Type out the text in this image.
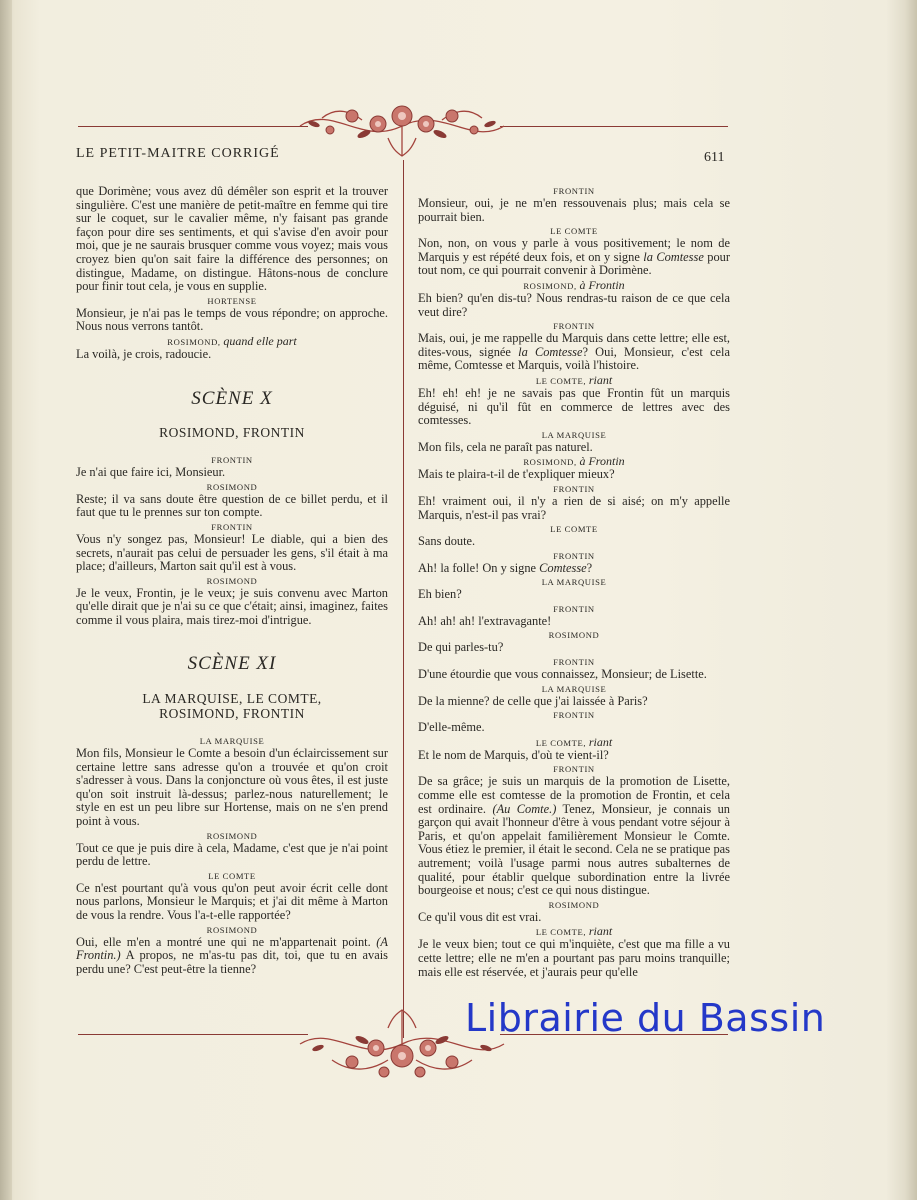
LE PETIT-MAITRE CORRIGÉ	611
que Dorimène; vous avez dû démêler son esprit et la trouver singulière. C'est une manière de petit-maître en femme qui tire sur le coquet, sur le cavalier même, n'y faisant pas grande façon pour dire ses sentiments, et qui s'avise d'en avoir pour moi, que je ne saurais brusquer comme vous voyez; mais vous croyez bien qu'on sait faire la différence des personnes; on distingue, Madame, on distingue. Hâtons-nous de conclure pour finir tout cela, je vous en supplie.
HORTENSE
Monsieur, je n'ai pas le temps de vous répondre; on approche. Nous nous verrons tantôt.
ROSIMOND, quand elle part
La voilà, je crois, radoucie.
SCÈNE X
ROSIMOND, FRONTIN
FRONTIN
Je n'ai que faire ici, Monsieur.
ROSIMOND
Reste; il va sans doute être question de ce billet perdu, et il faut que tu le prennes sur ton compte.
FRONTIN
Vous n'y songez pas, Monsieur! Le diable, qui a bien des secrets, n'aurait pas celui de persuader les gens, s'il était à ma place; d'ailleurs, Marton sait qu'il est à vous.
ROSIMOND
Je le veux, Frontin, je le veux; je suis convenu avec Marton qu'elle dirait que je n'ai su ce que c'était; ainsi, imaginez, faites comme il vous plaira, mais tirez-moi d'intrigue.
SCÈNE XI
LA MARQUISE, LE COMTE,
ROSIMOND, FRONTIN
LA MARQUISE
Mon fils, Monsieur le Comte a besoin d'un éclaircissement sur certaine lettre sans adresse qu'on a trouvée et qu'on croit s'adresser à vous. Dans la conjoncture où vous êtes, il est juste qu'on soit instruit là-dessus; parlez-nous naturellement; le style en est un peu libre sur Hortense, mais on ne s'en prend point à vous.
ROSIMOND
Tout ce que je puis dire à cela, Madame, c'est que je n'ai point perdu de lettre.
LE COMTE
Ce n'est pourtant qu'à vous qu'on peut avoir écrit celle dont nous parlons, Monsieur le Marquis; et j'ai dit même à Marton de vous la rendre. Vous l'a-t-elle rapportée?
ROSIMOND
Oui, elle m'en a montré une qui ne m'appartenait point. (A Frontin.) A propos, ne m'as-tu pas dit, toi, que tu en avais perdu une? C'est peut-être la tienne?
FRONTIN
Monsieur, oui, je ne m'en ressouvenais plus; mais cela se pourrait bien.
LE COMTE
Non, non, on vous y parle à vous positivement; le nom de Marquis y est répété deux fois, et on y signe la Comtesse pour tout nom, ce qui pourrait convenir à Dorimène.
ROSIMOND, à Frontin
Eh bien? qu'en dis-tu? Nous rendras-tu raison de ce que cela veut dire?
FRONTIN
Mais, oui, je me rappelle du Marquis dans cette lettre; elle est, dites-vous, signée la Comtesse? Oui, Monsieur, c'est cela même, Comtesse et Marquis, voilà l'histoire.
LE COMTE, riant
Eh! eh! eh! je ne savais pas que Frontin fût un marquis déguisé, ni qu'il fût en commerce de lettres avec des comtesses.
LA MARQUISE
Mon fils, cela ne paraît pas naturel.
ROSIMOND, à Frontin
Mais te plaira-t-il de t'expliquer mieux?
FRONTIN
Eh! vraiment oui, il n'y a rien de si aisé; on m'y appelle Marquis, n'est-il pas vrai?
LE COMTE
Sans doute.
FRONTIN
Ah! la folle! On y signe Comtesse?
LA MARQUISE
Eh bien?
FRONTIN
Ah! ah! ah! l'extravagante!
ROSIMOND
De qui parles-tu?
FRONTIN
D'une étourdie que vous connaissez, Monsieur; de Lisette.
LA MARQUISE
De la mienne? de celle que j'ai laissée à Paris?
FRONTIN
D'elle-même.
LE COMTE, riant
Et le nom de Marquis, d'où te vient-il?
FRONTIN
De sa grâce; je suis un marquis de la promotion de Lisette, comme elle est comtesse de la promotion de Frontin, et cela est ordinaire. (Au Comte.) Tenez, Monsieur, je connais un garçon qui avait l'honneur d'être à vous pendant votre séjour à Paris, et qu'on appelait familièrement Monsieur le Comte. Vous étiez le premier, il était le second. Cela ne se pratique pas autrement; voilà l'usage parmi nous autres subalternes de qualité, pour établir quelque subordination entre la livrée bourgeoise et nous; c'est ce qui nous distingue.
ROSIMOND
Ce qu'il vous dit est vrai.
LE COMTE, riant
Je le veux bien; tout ce qui m'inquiète, c'est que ma fille a vu cette lettre; elle ne m'en a pourtant pas paru moins tranquille; mais elle est réservée, et j'aurais peur qu'elle
Librairie du Bassin
